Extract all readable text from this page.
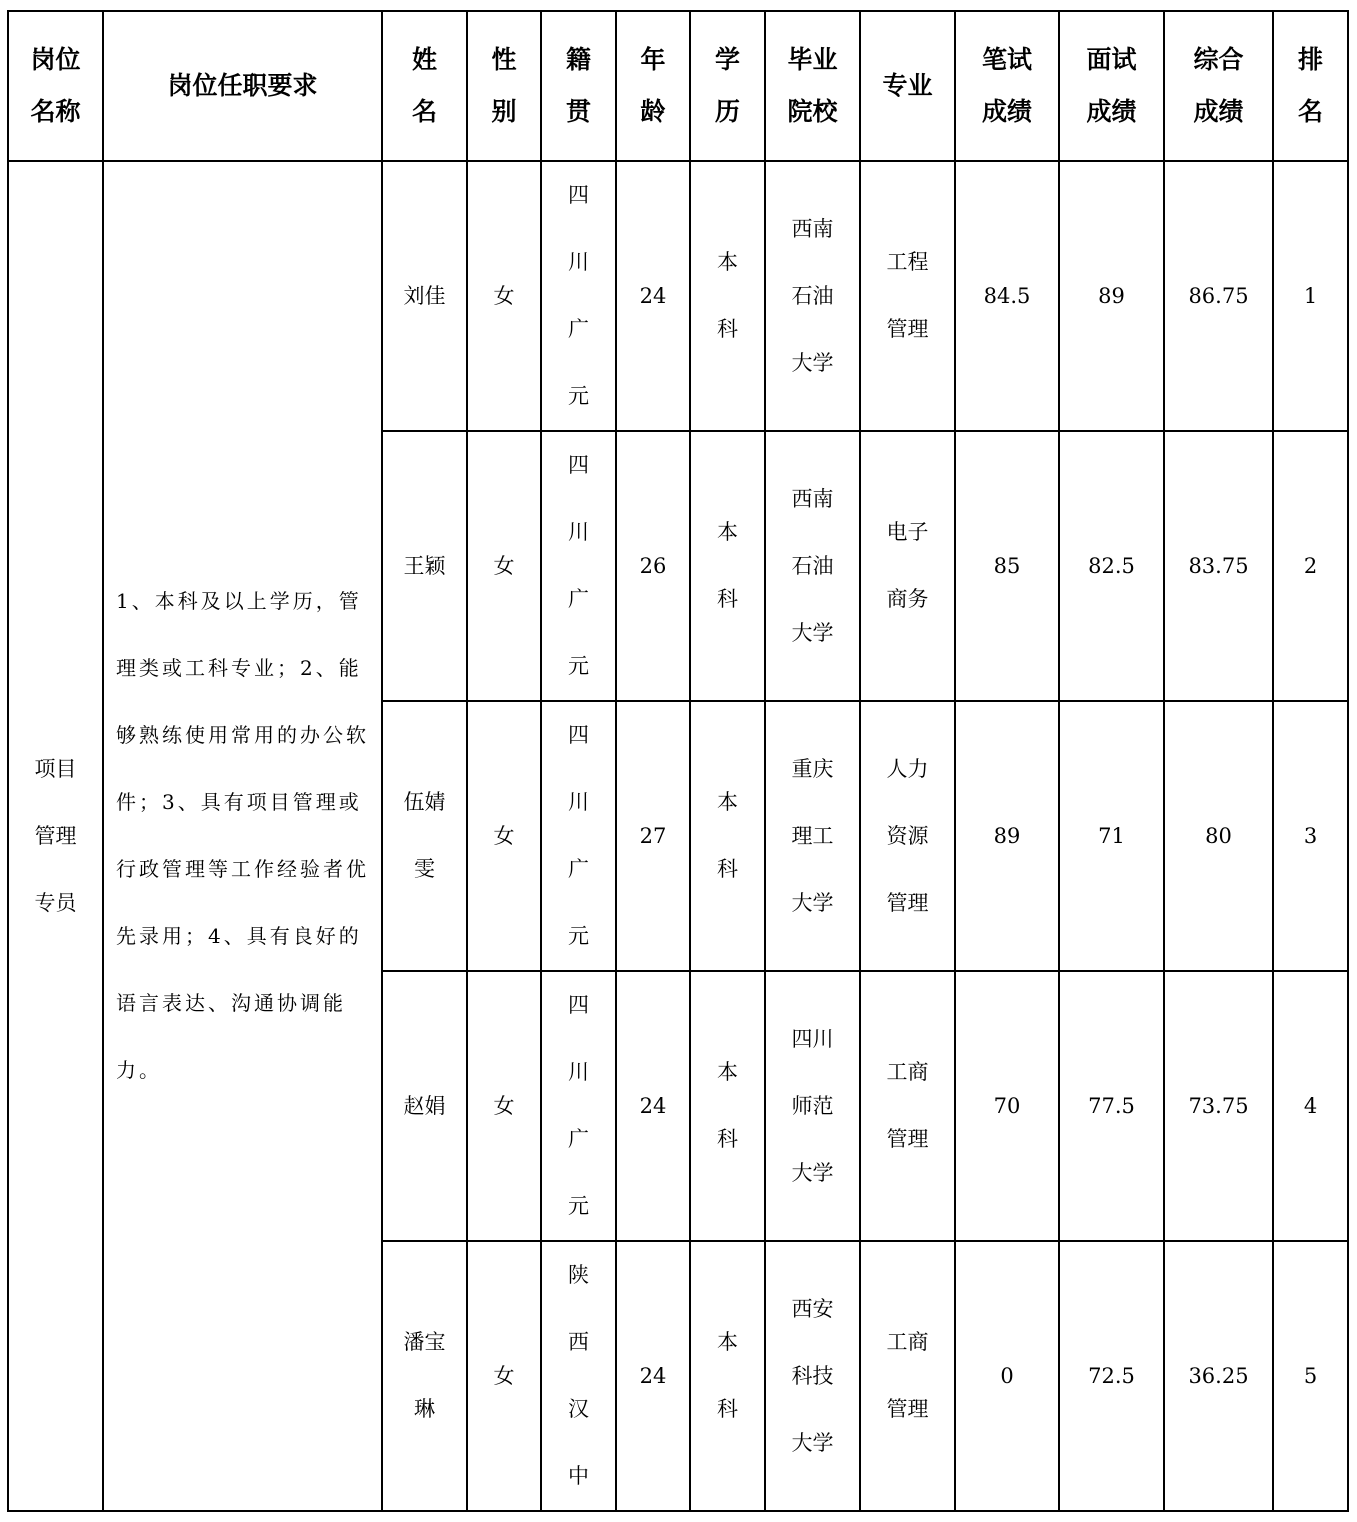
岗位名称	岗位任职要求	姓名	性别	籍贯	年龄	学历	毕业院校	专业	笔试成绩	面试成绩	综合成绩	排名
项目管理专员	1、本科及以上学历，管理类或工科专业；2、能够熟练使用常用的办公软件；3、具有项目管理或行政管理等工作经验者优先录用；4、具有良好的语言表达、沟通协调能力。	刘佳	女	四川广元	24	本科	西南石油大学	工程管理	84.5	89	86.75	1
		王颖	女	四川广元	26	本科	西南石油大学	电子商务	85	82.5	83.75	2
		伍婧雯	女	四川广元	27	本科	重庆理工大学	人力资源管理	89	71	80	3
		赵娟	女	四川广元	24	本科	四川师范大学	工商管理	70	77.5	73.75	4
		潘宝琳	女	陕西汉中	24	本科	西安科技大学	工商管理	0	72.5	36.25	5
